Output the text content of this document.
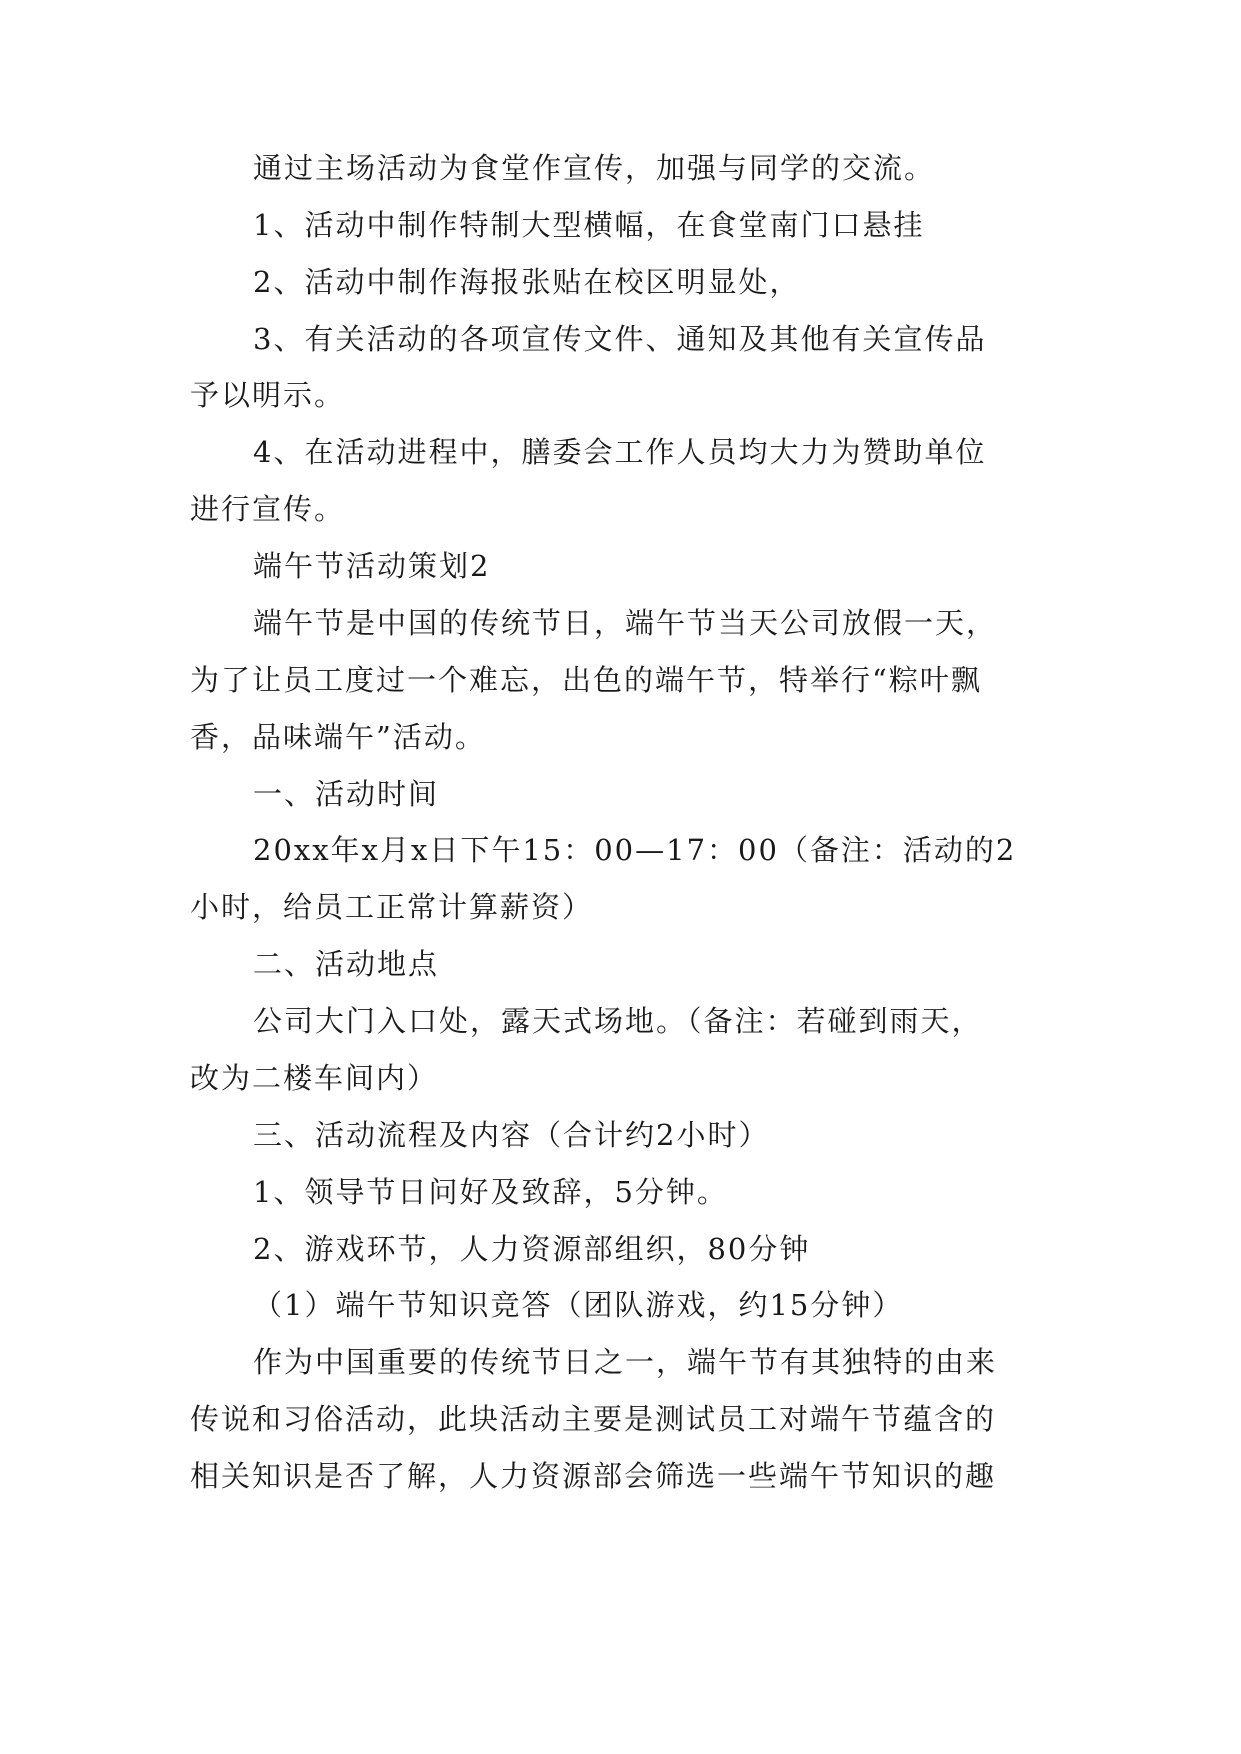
通过主场活动为食堂作宣传，加强与同学的交流。
1、活动中制作特制大型横幅，在食堂南门口悬挂
2、活动中制作海报张贴在校区明显处，
3、有关活动的各项宣传文件、通知及其他有关宣传品
予以明示。
4、在活动进程中，膳委会工作人员均大力为赞助单位
进行宣传。
端午节活动策划2
端午节是中国的传统节日，端午节当天公司放假一天，
为了让员工度过一个难忘，出色的端午节，特举行“粽叶飘
香，品味端午”活动。
一、活动时间
20xx年x月x日下午15：00—17：00（备注：活动的2
小时，给员工正常计算薪资）
二、活动地点
公司大门入口处，露天式场地。（备注：若碰到雨天，
改为二楼车间内）
三、活动流程及内容（合计约2小时）
1、领导节日问好及致辞，5分钟。
2、游戏环节，人力资源部组织，80分钟
（1）端午节知识竞答（团队游戏，约15分钟）
作为中国重要的传统节日之一，端午节有其独特的由来
传说和习俗活动，此块活动主要是测试员工对端午节蕴含的
相关知识是否了解，人力资源部会筛选一些端午节知识的趣
